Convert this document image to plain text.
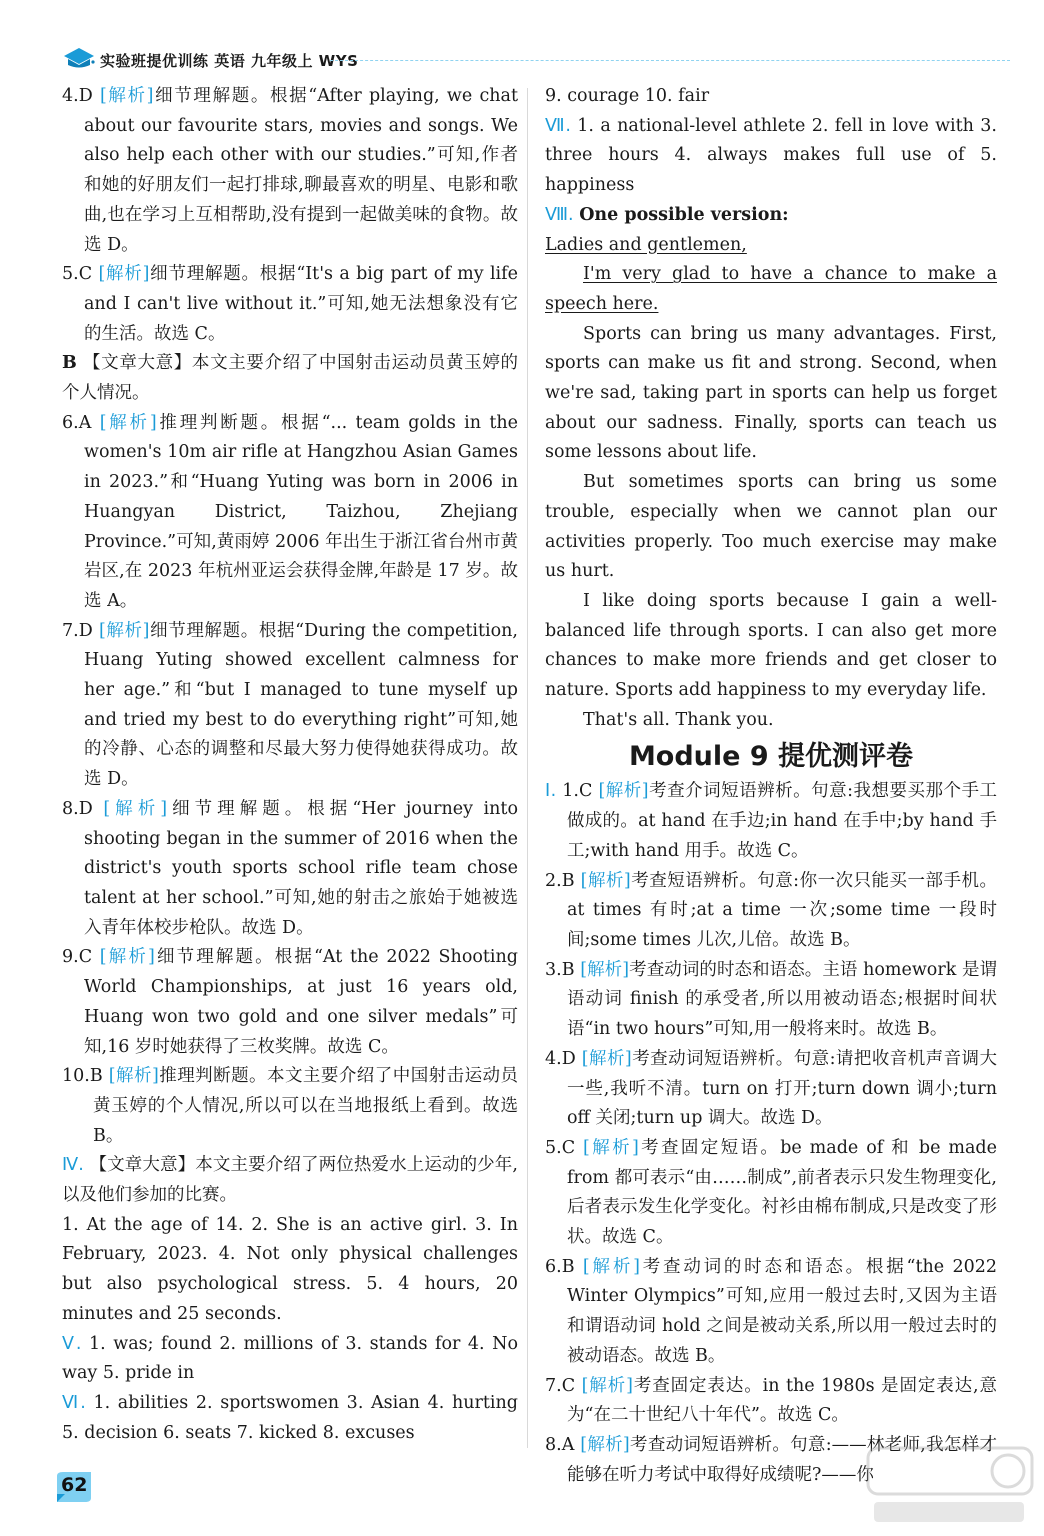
实验班提优训练 英语 九年级上 WYS

4.D [解析]细节理解题。根据“After playing, we chat about our favourite stars, movies and songs. We also help each other with our studies.”可知,作者和她的好朋友们一起打排球,聊最喜欢的明星、电影和歌曲,也在学习上互相帮助,没有提到一起做美味的食物。故选 D。

5.C [解析]细节理解题。根据“It's a big part of my life and I can't live without it.”可知,她无法想象没有它的生活。故选 C。

B 【文章大意】本文主要介绍了中国射击运动员黄玉婷的个人情况。

6.A [解析]推理判断题。根据“... team golds in the women's 10m air rifle at Hangzhou Asian Games in 2023.”和“Huang Yuting was born in 2006 in Huangyan District, Taizhou, Zhejiang Province.”可知,黄雨婷 2006 年出生于浙江省台州市黄岩区,在 2023 年杭州亚运会获得金牌,年龄是 17 岁。故选 A。

7.D [解析]细节理解题。根据“During the competition, Huang Yuting showed excellent calmness for her age.”和“but I managed to tune myself up and tried my best to do everything right”可知,她的冷静、心态的调整和尽最大努力使得她获得成功。故选 D。

8.D [解析]细节理解题。根据“Her journey into shooting began in the summer of 2016 when the district's youth sports school rifle team chose talent at her school.”可知,她的射击之旅始于她被选入青年体校步枪队。故选 D。

9.C [解析]细节理解题。根据“At the 2022 Shooting World Championships, at just 16 years old, Huang won two gold and one silver medals”可知,16 岁时她获得了三枚奖牌。故选 C。

10.B [解析]推理判断题。本文主要介绍了中国射击运动员黄玉婷的个人情况,所以可以在当地报纸上看到。故选 B。

Ⅳ. 【文章大意】本文主要介绍了两位热爱水上运动的少年,以及他们参加的比赛。

1. At the age of 14. 2. She is an active girl. 3. In February, 2023. 4. Not only physical challenges but also psychological stress. 5. 4 hours, 20 minutes and 25 seconds.

Ⅴ. 1. was; found 2. millions of 3. stands for 4. No way 5. pride in

Ⅵ. 1. abilities 2. sportswomen 3. Asian 4. hurting 5. decision 6. seats 7. kicked 8. excuses

9. courage 10. fair

Ⅶ. 1. a national-level athlete 2. fell in love with 3. three hours 4. always makes full use of 5. happiness

Ⅷ. One possible version:

Ladies and gentlemen,

I'm very glad to have a chance to make a speech here.

Sports can bring us many advantages. First, sports can make us fit and strong. Second, when we're sad, taking part in sports can help us forget about our sadness. Finally, sports can teach us some lessons about life.

But sometimes sports can bring us some trouble, especially when we cannot plan our activities properly. Too much exercise may make us hurt.

I like doing sports because I gain a well-balanced life through sports. I can also get more chances to make more friends and get closer to nature. Sports add happiness to my everyday life.

That's all. Thank you.

Module 9 提优测评卷

Ⅰ. 1.C [解析]考查介词短语辨析。句意:我想要买那个手工做成的。at hand 在手边;in hand 在手中;by hand 手工;with hand 用手。故选 C。

2.B [解析]考查短语辨析。句意:你一次只能买一部手机。at times 有时;at a time 一次;some time 一段时间;some times 儿次,儿倍。故选 B。

3.B [解析]考查动词的时态和语态。主语 homework 是谓语动词 finish 的承受者,所以用被动语态;根据时间状语“in two hours”可知,用一般将来时。故选 B。

4.D [解析]考查动词短语辨析。句意:请把收音机声音调大一些,我听不清。turn on 打开;turn down 调小;turn off 关闭;turn up 调大。故选 D。

5.C [解析]考查固定短语。be made of 和 be made from 都可表示“由……制成”,前者表示只发生物理变化,后者表示发生化学变化。衬衫由棉布制成,只是改变了形状。故选 C。

6.B [解析]考查动词的时态和语态。根据“the 2022 Winter Olympics”可知,应用一般过去时,又因为主语和谓语动词 hold 之间是被动关系,所以用一般过去时的被动语态。故选 B。

7.C [解析]考查固定表达。in the 1980s 是固定表达,意为“在二十世纪八十年代”。故选 C。

8.A [解析]考查动词短语辨析。句意:——林老师,我怎样才能够在听力考试中取得好成绩呢?——你

62
